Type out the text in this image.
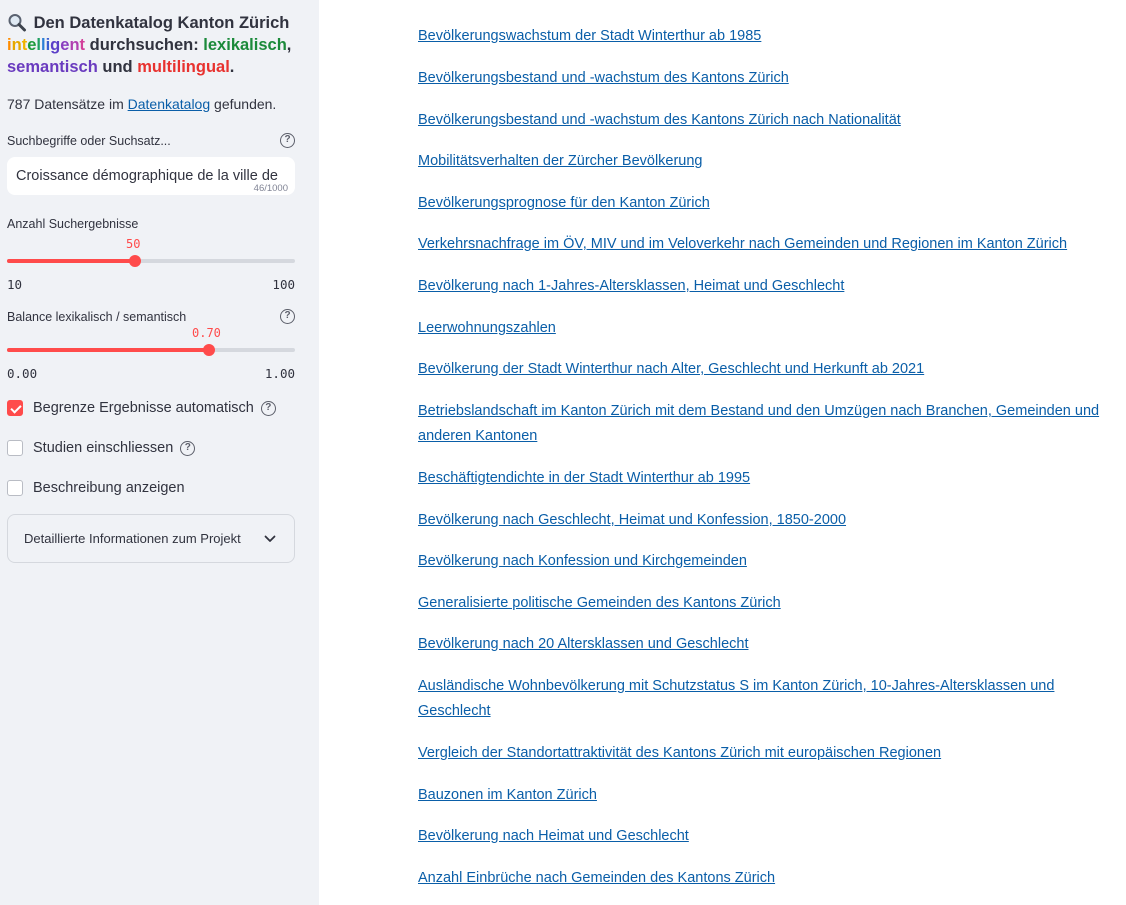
Den Datenkatalog Kanton Zürich
intelligent durchsuchen: lexikalisch,
semantisch und multilingual.
787 Datensätze im Datenkatalog gefunden.
Suchbegriffe oder Suchsatz...	?
Croissance démographique de la ville de
46/1000
Anzahl Suchergebnisse
50
10	100
Balance lexikalisch / semantisch	?
0.70
0.00	1.00
Begrenze Ergebnisse automatisch	?
Studien einschliessen	?
Beschreibung anzeigen
Detaillierte Informationen zum Projekt
Bevölkerungswachstum der Stadt Winterthur ab 1985
Bevölkerungsbestand und -wachstum des Kantons Zürich
Bevölkerungsbestand und -wachstum des Kantons Zürich nach Nationalität
Mobilitätsverhalten der Zürcher Bevölkerung
Bevölkerungsprognose für den Kanton Zürich
Verkehrsnachfrage im ÖV, MIV und im Veloverkehr nach Gemeinden und Regionen im Kanton Zürich
Bevölkerung nach 1-Jahres-Altersklassen, Heimat und Geschlecht
Leerwohnungszahlen
Bevölkerung der Stadt Winterthur nach Alter, Geschlecht und Herkunft ab 2021
Betriebslandschaft im Kanton Zürich mit dem Bestand und den Umzügen nach Branchen, Gemeinden und anderen Kantonen
Beschäftigtendichte in der Stadt Winterthur ab 1995
Bevölkerung nach Geschlecht, Heimat und Konfession, 1850-2000
Bevölkerung nach Konfession und Kirchgemeinden
Generalisierte politische Gemeinden des Kantons Zürich
Bevölkerung nach 20 Altersklassen und Geschlecht
Ausländische Wohnbevölkerung mit Schutzstatus S im Kanton Zürich, 10-Jahres-Altersklassen und Geschlecht
Vergleich der Standortattraktivität des Kantons Zürich mit europäischen Regionen
Bauzonen im Kanton Zürich
Bevölkerung nach Heimat und Geschlecht
Anzahl Einbrüche nach Gemeinden des Kantons Zürich
